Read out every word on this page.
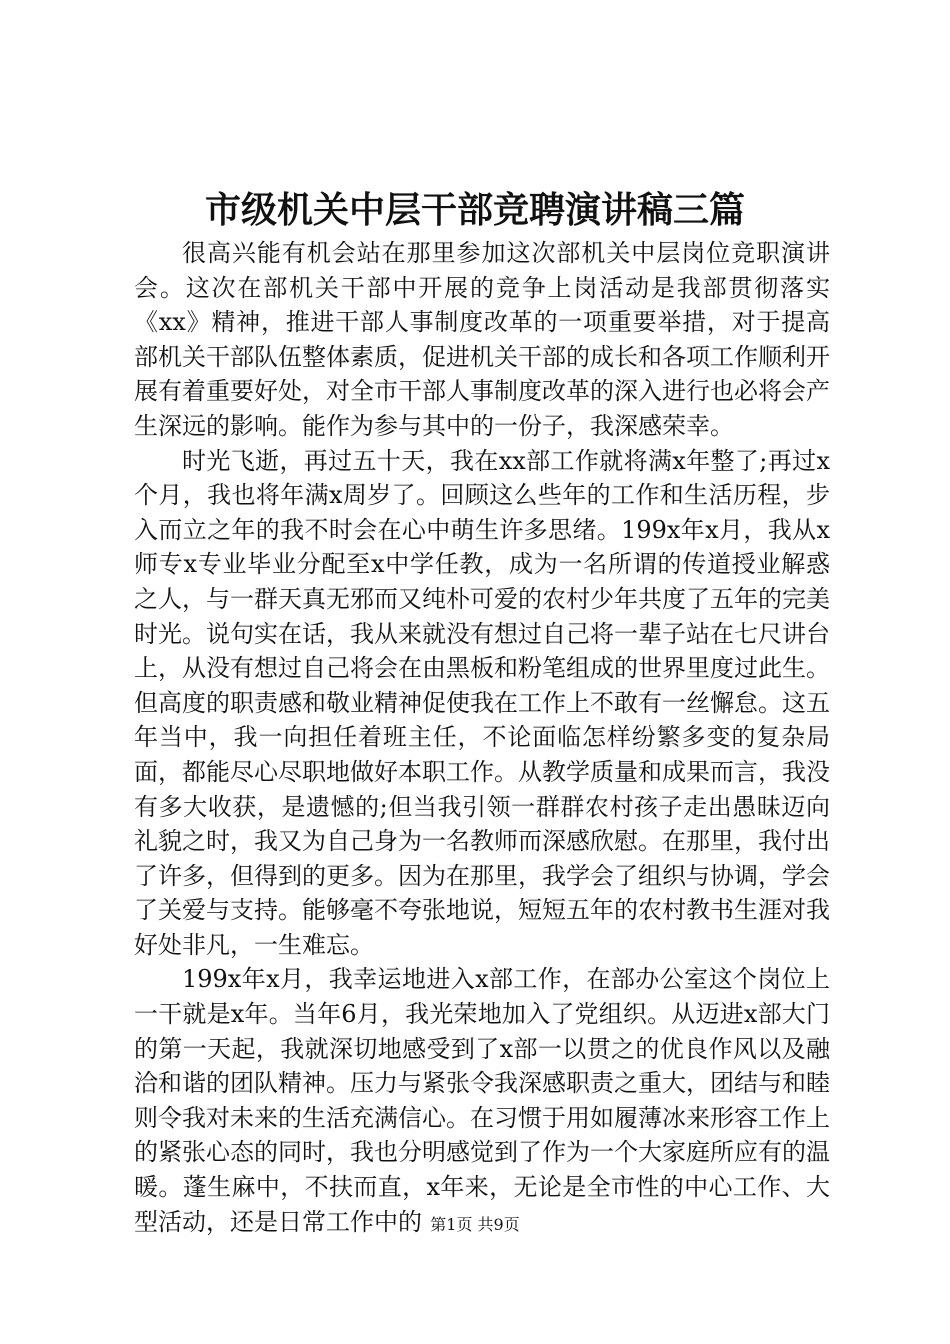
市级机关中层干部竞聘演讲稿三篇

很高兴能有机会站在那里参加这次部机关中层岗位竞职演讲会。这次在部机关干部中开展的竞争上岗活动是我部贯彻落实《xx》精神，推进干部人事制度改革的一项重要举措，对于提高部机关干部队伍整体素质，促进机关干部的成长和各项工作顺利开展有着重要好处，对全市干部人事制度改革的深入进行也必将会产生深远的影响。能作为参与其中的一份子，我深感荣幸。

时光飞逝，再过五十天，我在xx部工作就将满x年整了;再过x个月，我也将年满x周岁了。回顾这么些年的工作和生活历程，步入而立之年的我不时会在心中萌生许多思绪。199x年x月，我从x师专x专业毕业分配至x中学任教，成为一名所谓的传道授业解惑之人，与一群天真无邪而又纯朴可爱的农村少年共度了五年的完美时光。说句实在话，我从来就没有想过自己将一辈子站在七尺讲台上，从没有想过自己将会在由黑板和粉笔组成的世界里度过此生。但高度的职责感和敬业精神促使我在工作上不敢有一丝懈怠。这五年当中，我一向担任着班主任，不论面临怎样纷繁多变的复杂局面，都能尽心尽职地做好本职工作。从教学质量和成果而言，我没有多大收获，是遗憾的;但当我引领一群群农村孩子走出愚昧迈向礼貌之时，我又为自己身为一名教师而深感欣慰。在那里，我付出了许多，但得到的更多。因为在那里，我学会了组织与协调，学会了关爱与支持。能够毫不夸张地说，短短五年的农村教书生涯对我好处非凡，一生难忘。

199x年x月，我幸运地进入x部工作，在部办公室这个岗位上一干就是x年。当年6月，我光荣地加入了党组织。从迈进x部大门的第一天起，我就深切地感受到了x部一以贯之的优良作风以及融洽和谐的团队精神。压力与紧张令我深感职责之重大，团结与和睦则令我对未来的生活充满信心。在习惯于用如履薄冰来形容工作上的紧张心态的同时，我也分明感觉到了作为一个大家庭所应有的温暖。蓬生麻中，不扶而直，x年来，无论是全市性的中心工作、大型活动，还是日常工作中的 第1页 共9页
